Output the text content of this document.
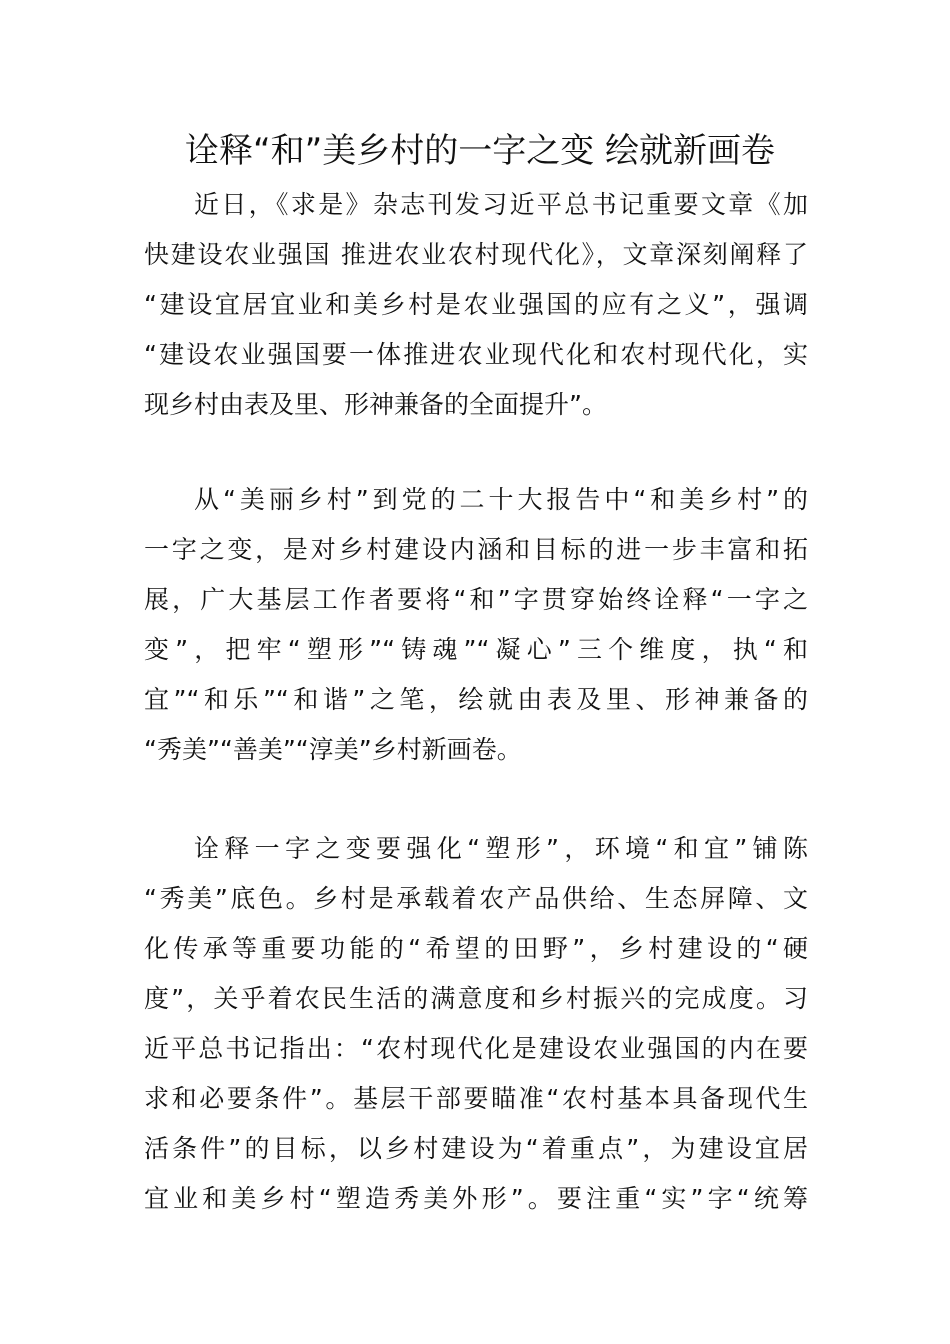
诠释“和”美乡村的一字之变 绘就新画卷
近日，《求是》杂志刊发习近平总书记重要文章《加
快建设农业强国 推进农业农村现代化》，文章深刻阐释了
“建设宜居宜业和美乡村是农业强国的应有之义”，强调
“建设农业强国要一体推进农业现代化和农村现代化，实
现乡村由表及里、形神兼备的全面提升”。
从“美丽乡村”到党的二十大报告中“和美乡村”的
一字之变，是对乡村建设内涵和目标的进一步丰富和拓
展，广大基层工作者要将“和”字贯穿始终诠释“一字之
变”，把牢“塑形”“铸魂”“凝心”三个维度，执“和
宜”“和乐”“和谐”之笔，绘就由表及里、形神兼备的
“秀美”“善美”“淳美”乡村新画卷。
诠释一字之变要强化“塑形”，环境“和宜”铺陈
“秀美”底色。乡村是承载着农产品供给、生态屏障、文
化传承等重要功能的“希望的田野”，乡村建设的“硬
度”，关乎着农民生活的满意度和乡村振兴的完成度。习
近平总书记指出：“农村现代化是建设农业强国的内在要
求和必要条件”。基层干部要瞄准“农村基本具备现代生
活条件”的目标，以乡村建设为“着重点”，为建设宜居
宜业和美乡村“塑造秀美外形”。要注重“实”字“统筹
